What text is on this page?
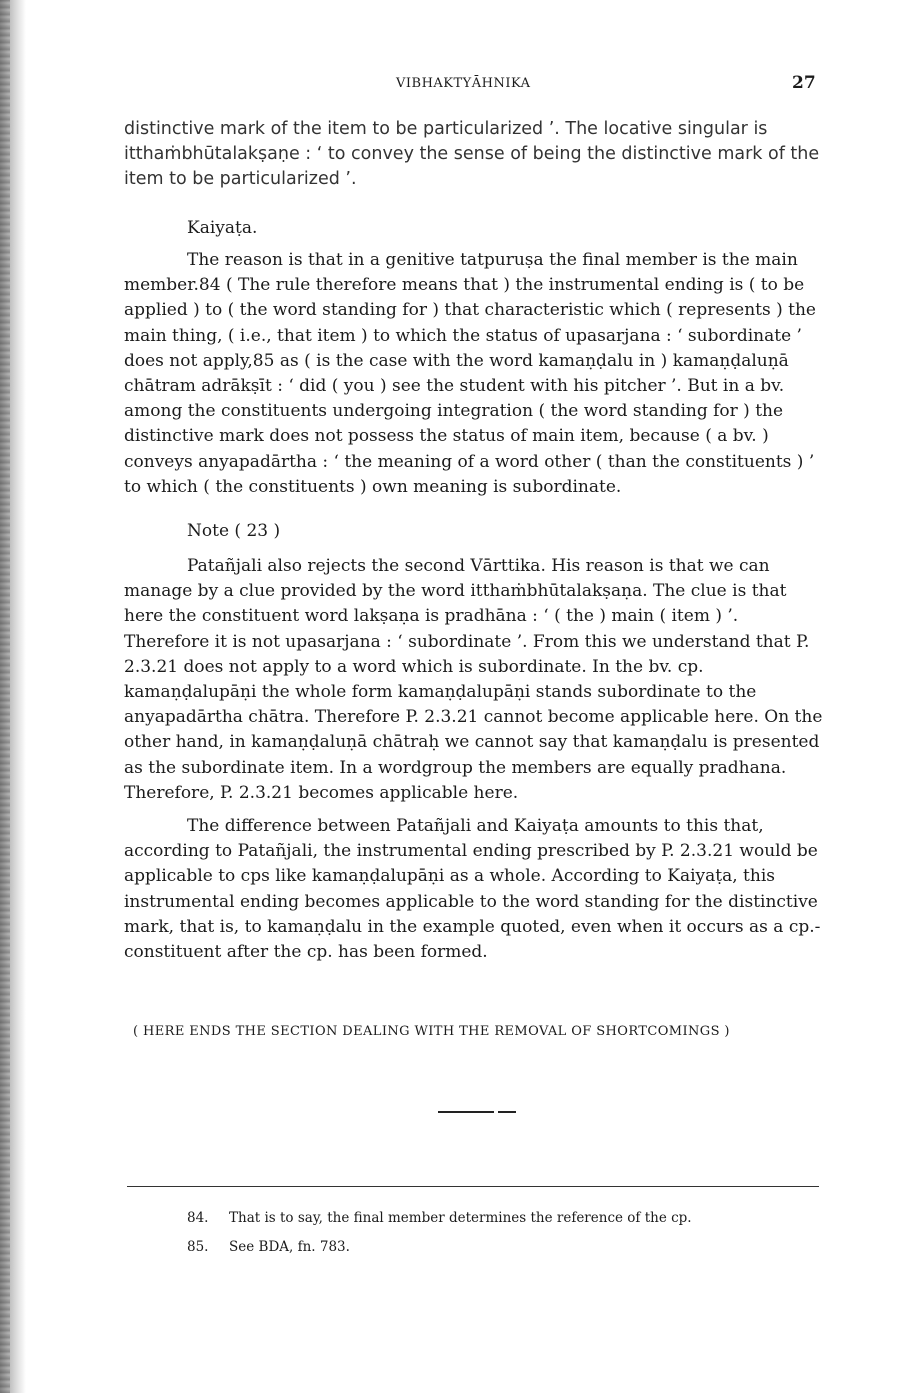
VIBHAKTYĀHNIKA	27

distinctive mark of the item to be particularized ’. The locative singular is itthaṁbhūtalakṣaṇe : ‘ to convey the sense of being the distinctive mark of the item to be particularized ’.

Kaiyaṭa.

The reason is that in a genitive tatpuruṣa the final member is the main member.84 ( The rule therefore means that ) the instrumental ending is ( to be applied ) to ( the word standing for ) that characteristic which ( represents ) the main thing, ( i.e., that item ) to which the status of upasarjana : ‘ subordinate ’ does not apply,85 as ( is the case with the word kamaṇḍalu in ) kamaṇḍaluṇā chātram adrākṣīt : ‘ did ( you ) see the student with his pitcher ’. But in a bv. among the constituents undergoing integration ( the word standing for ) the distinctive mark does not possess the status of main item, because ( a bv. ) conveys anyapadārtha : ‘ the meaning of a word other ( than the constituents ) ’ to which ( the constituents ) own meaning is subordinate.

Note ( 23 )

Patañjali also rejects the second Vārttika. His reason is that we can manage by a clue provided by the word itthaṁbhūtalakṣaṇa. The clue is that here the constituent word lakṣaṇa is pradhāna : ‘ ( the ) main ( item ) ’. Therefore it is not upasarjana : ‘ subordinate ’. From this we understand that P. 2.3.21 does not apply to a word which is subordinate. In the bv. cp. kamaṇḍalupāṇi the whole form kamaṇḍalupāṇi stands subordinate to the anyapadārtha chātra. Therefore P. 2.3.21 cannot become applicable here. On the other hand, in kamaṇḍaluṇā chātraḥ we cannot say that kamaṇḍalu is presented as the subordinate item. In a wordgroup the members are equally pradhana. Therefore, P. 2.3.21 becomes applicable here.

The difference between Patañjali and Kaiyaṭa amounts to this that, according to Patañjali, the instrumental ending prescribed by P. 2.3.21 would be applicable to cps like kamaṇḍalupāṇi as a whole. According to Kaiyaṭa, this instrumental ending becomes applicable to the word standing for the distinctive mark, that is, to kamaṇḍalu in the example quoted, even when it occurs as a cp.-constituent after the cp. has been formed.

( HERE ENDS THE SECTION DEALING WITH THE REMOVAL OF SHORTCOMINGS )
84. That is to say, the final member determines the reference of the cp.
85. See BDA, fn. 783.
